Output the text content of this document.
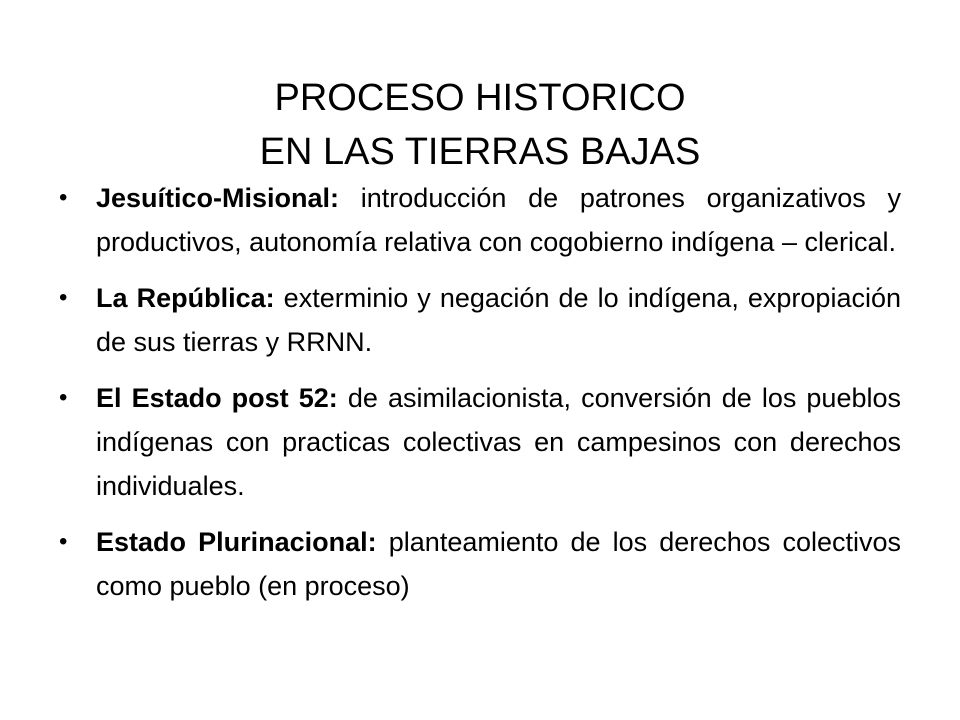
PROCESO HISTORICO
EN LAS TIERRAS BAJAS
• Jesuítico-Misional: introducción de patrones organizativos y productivos, autonomía relativa con cogobierno indígena – clerical.
• La República: exterminio y negación de lo indígena, expropiación de sus tierras y RRNN.
• El Estado post 52: de asimilacionista, conversión de los pueblos indígenas con practicas colectivas en campesinos con derechos individuales.
• Estado Plurinacional: planteamiento de los derechos colectivos como pueblo (en proceso)
